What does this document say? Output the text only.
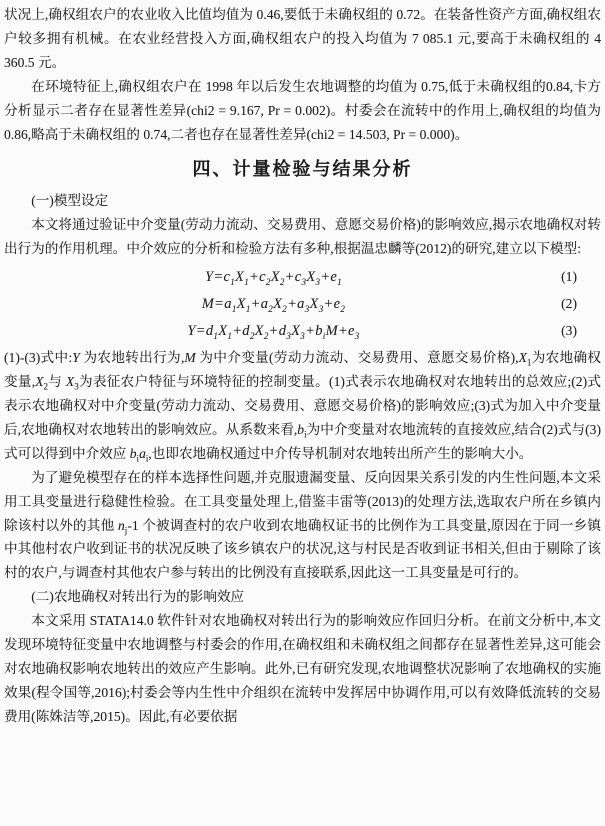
状况上,确权组农户的农业收入比值均值为 0.46,要低于未确权组的 0.72。在装备性资产方面,确权组农户较多拥有机械。在农业经营投入方面,确权组农户的投入均值为 7 085.1 元,要高于未确权组的 4 360.5 元。

在环境特征上,确权组农户在 1998 年以后发生农地调整的均值为 0.75,低于未确权组的0.84,卡方分析显示二者存在显著性差异(chi2 = 9.167, Pr = 0.002)。村委会在流转中的作用上,确权组的均值为 0.86,略高于未确权组的 0.74,二者也存在显著性差异(chi2 = 14.503, Pr = 0.000)。

四、计量检验与结果分析

(一)模型设定

本文将通过验证中介变量(劳动力流动、交易费用、意愿交易价格)的影响效应,揭示农地确权对转出行为的作用机理。中介效应的分析和检验方法有多种,根据温忠麟等(2012)的研究,建立以下模型:

$Y=c_1X_1+c_2X_2+c_3X_3+e_1$	(1)
$M=a_1X_1+a_2X_2+a_3X_3+e_2$	(2)
$Y=d_1X_1+d_2X_2+d_3X_3+b_iM+e_3$	(3)

(1)-(3)式中:Y 为农地转出行为,M 为中介变量(劳动力流动、交易费用、意愿交易价格)$,X_1$为农地确权变量$,X_2$与 $X_3$为表征农户特征与环境特征的控制变量。(1)式表示农地确权对农地转出的总效应;(2)式表示农地确权对中介变量(劳动力流动、交易费用、意愿交易价格)的影响效应;(3)式为加入中介变量后,农地确权对农地转出的影响效应。从系数来看$,b_i$为中介变量对农地流转的直接效应,结合(2)式与(3)式可以得到中介效应 $b_ia_i$,也即农地确权通过中介传导机制对农地转出所产生的影响大小。

为了避免模型存在的样本选择性问题,并克服遗漏变量、反向因果关系引发的内生性问题,本文采用工具变量进行稳健性检验。在工具变量处理上,借鉴丰雷等(2013)的处理方法,选取农户所在乡镇内除该村以外的其他 $n_j-1$ 个被调查村的农户收到农地确权证书的比例作为工具变量,原因在于同一乡镇中其他村农户收到证书的状况反映了该乡镇农户的状况,这与村民是否收到证书相关,但由于剔除了该村的农户,与调查村其他农户参与转出的比例没有直接联系,因此这一工具变量是可行的。

(二)农地确权对转出行为的影响效应

本文采用 STATA14.0 软件针对农地确权对转出行为的影响效应作回归分析。在前文分析中,本文发现环境特征变量中农地调整与村委会的作用,在确权组和未确权组之间都存在显著性差异,这可能会对农地确权影响农地转出的效应产生影响。此外,已有研究发现,农地调整状况影响了农地确权的实施效果(程令国等,2016);村委会等内生性中介组织在流转中发挥居中协调作用,可以有效降低流转的交易费用(陈姝洁等,2015)。因此,有必要依据
